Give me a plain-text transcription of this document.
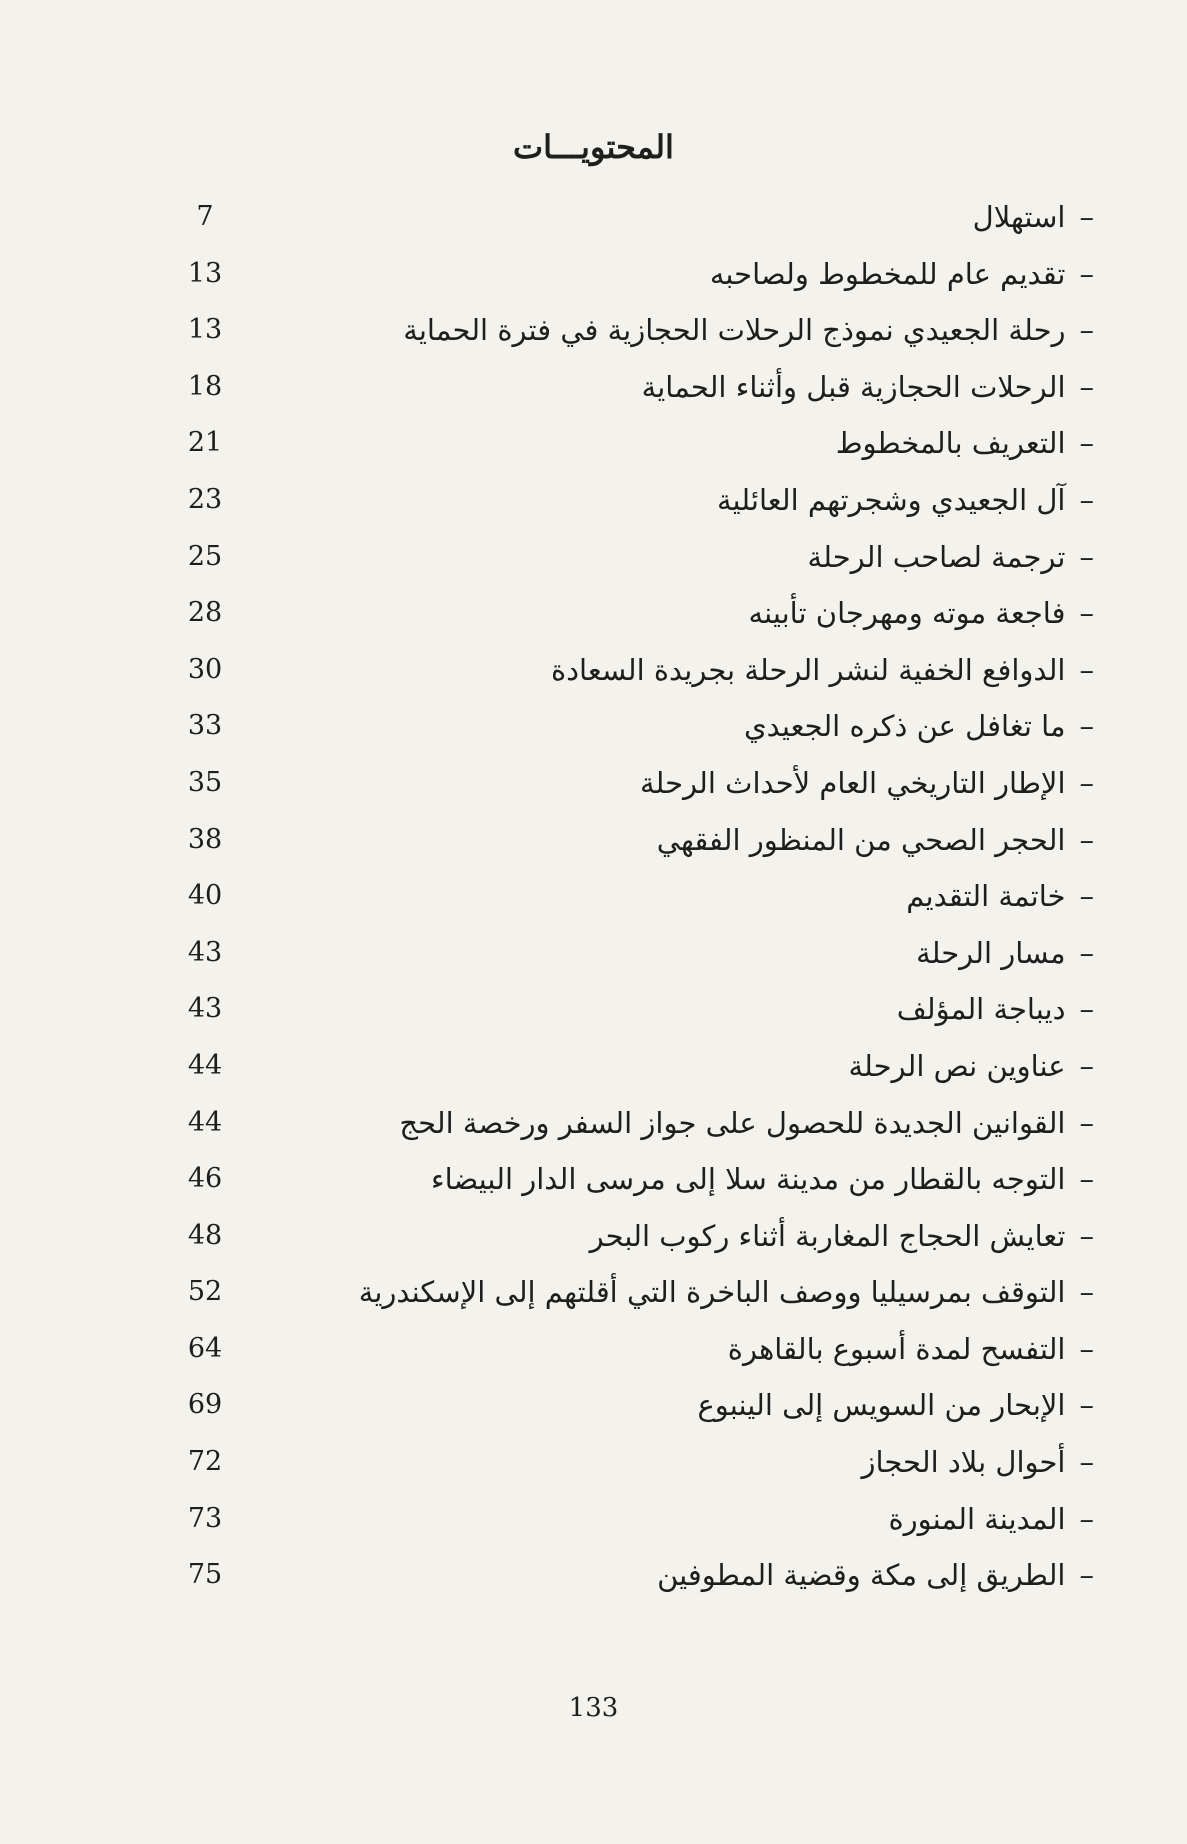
المحتويـــات
–استهلال
7
–تقديم عام للمخطوط ولصاحبه
13
–رحلة الجعيدي نموذج الرحلات الحجازية في فترة الحماية
13
–الرحلات الحجازية قبل وأثناء الحماية
18
–التعريف بالمخطوط
21
–آل الجعيدي وشجرتهم العائلية
23
–ترجمة لصاحب الرحلة
25
–فاجعة موته ومهرجان تأبينه
28
–الدوافع الخفية لنشر الرحلة بجريدة السعادة
30
–ما تغافل عن ذكره الجعيدي
33
–الإطار التاريخي العام لأحداث الرحلة
35
–الحجر الصحي من المنظور الفقهي
38
–خاتمة التقديم
40
–مسار الرحلة
43
–ديباجة المؤلف
43
–عناوين نص الرحلة
44
–القوانين الجديدة للحصول على جواز السفر ورخصة الحج
44
–التوجه بالقطار من مدينة سلا إلى مرسى الدار البيضاء
46
–تعايش الحجاج المغاربة أثناء ركوب البحر
48
–التوقف بمرسيليا ووصف الباخرة التي أقلتهم إلى الإسكندرية
52
–التفسح لمدة أسبوع بالقاهرة
64
–الإبحار من السويس إلى الينبوع
69
–أحوال بلاد الحجاز
72
–المدينة المنورة
73
–الطريق إلى مكة وقضية المطوفين
75
133
